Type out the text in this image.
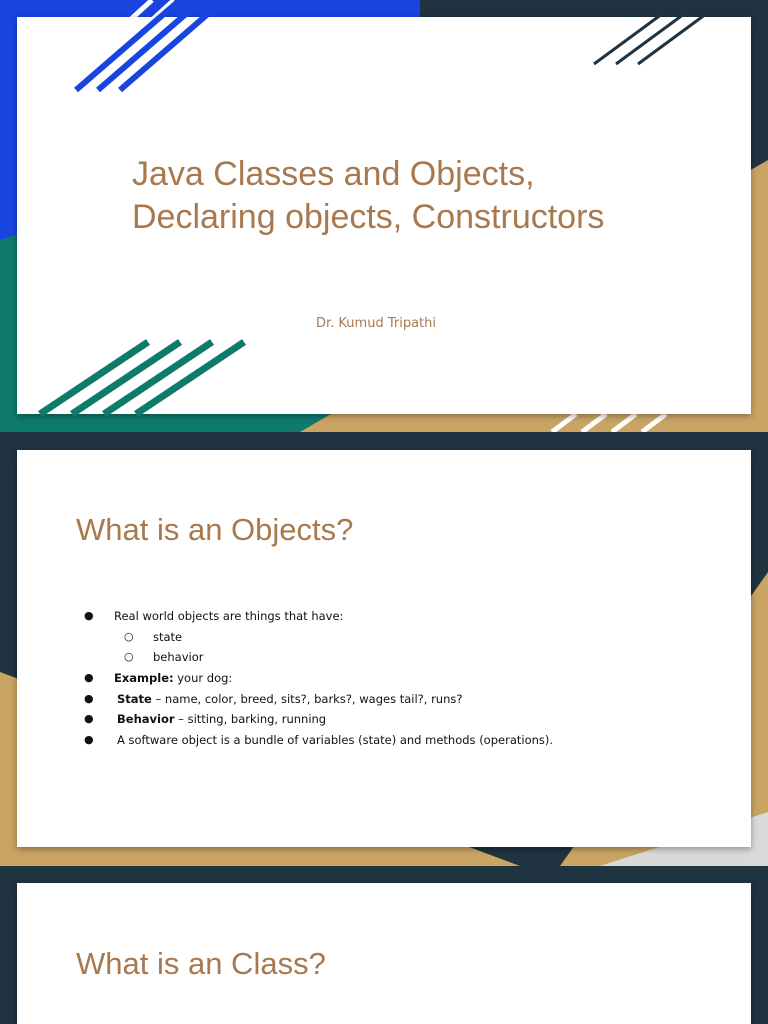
Java Classes and Objects,
Declaring objects, Constructors
Dr. Kumud Tripathi
What is an Objects?
● Real world objects are things that have:
○ state
○ behavior
● Example: your dog:
● State – name, color, breed, sits?, barks?, wages tail?, runs?
● Behavior – sitting, barking, running
● A software object is a bundle of variables (state) and methods (operations).
What is an Class?
